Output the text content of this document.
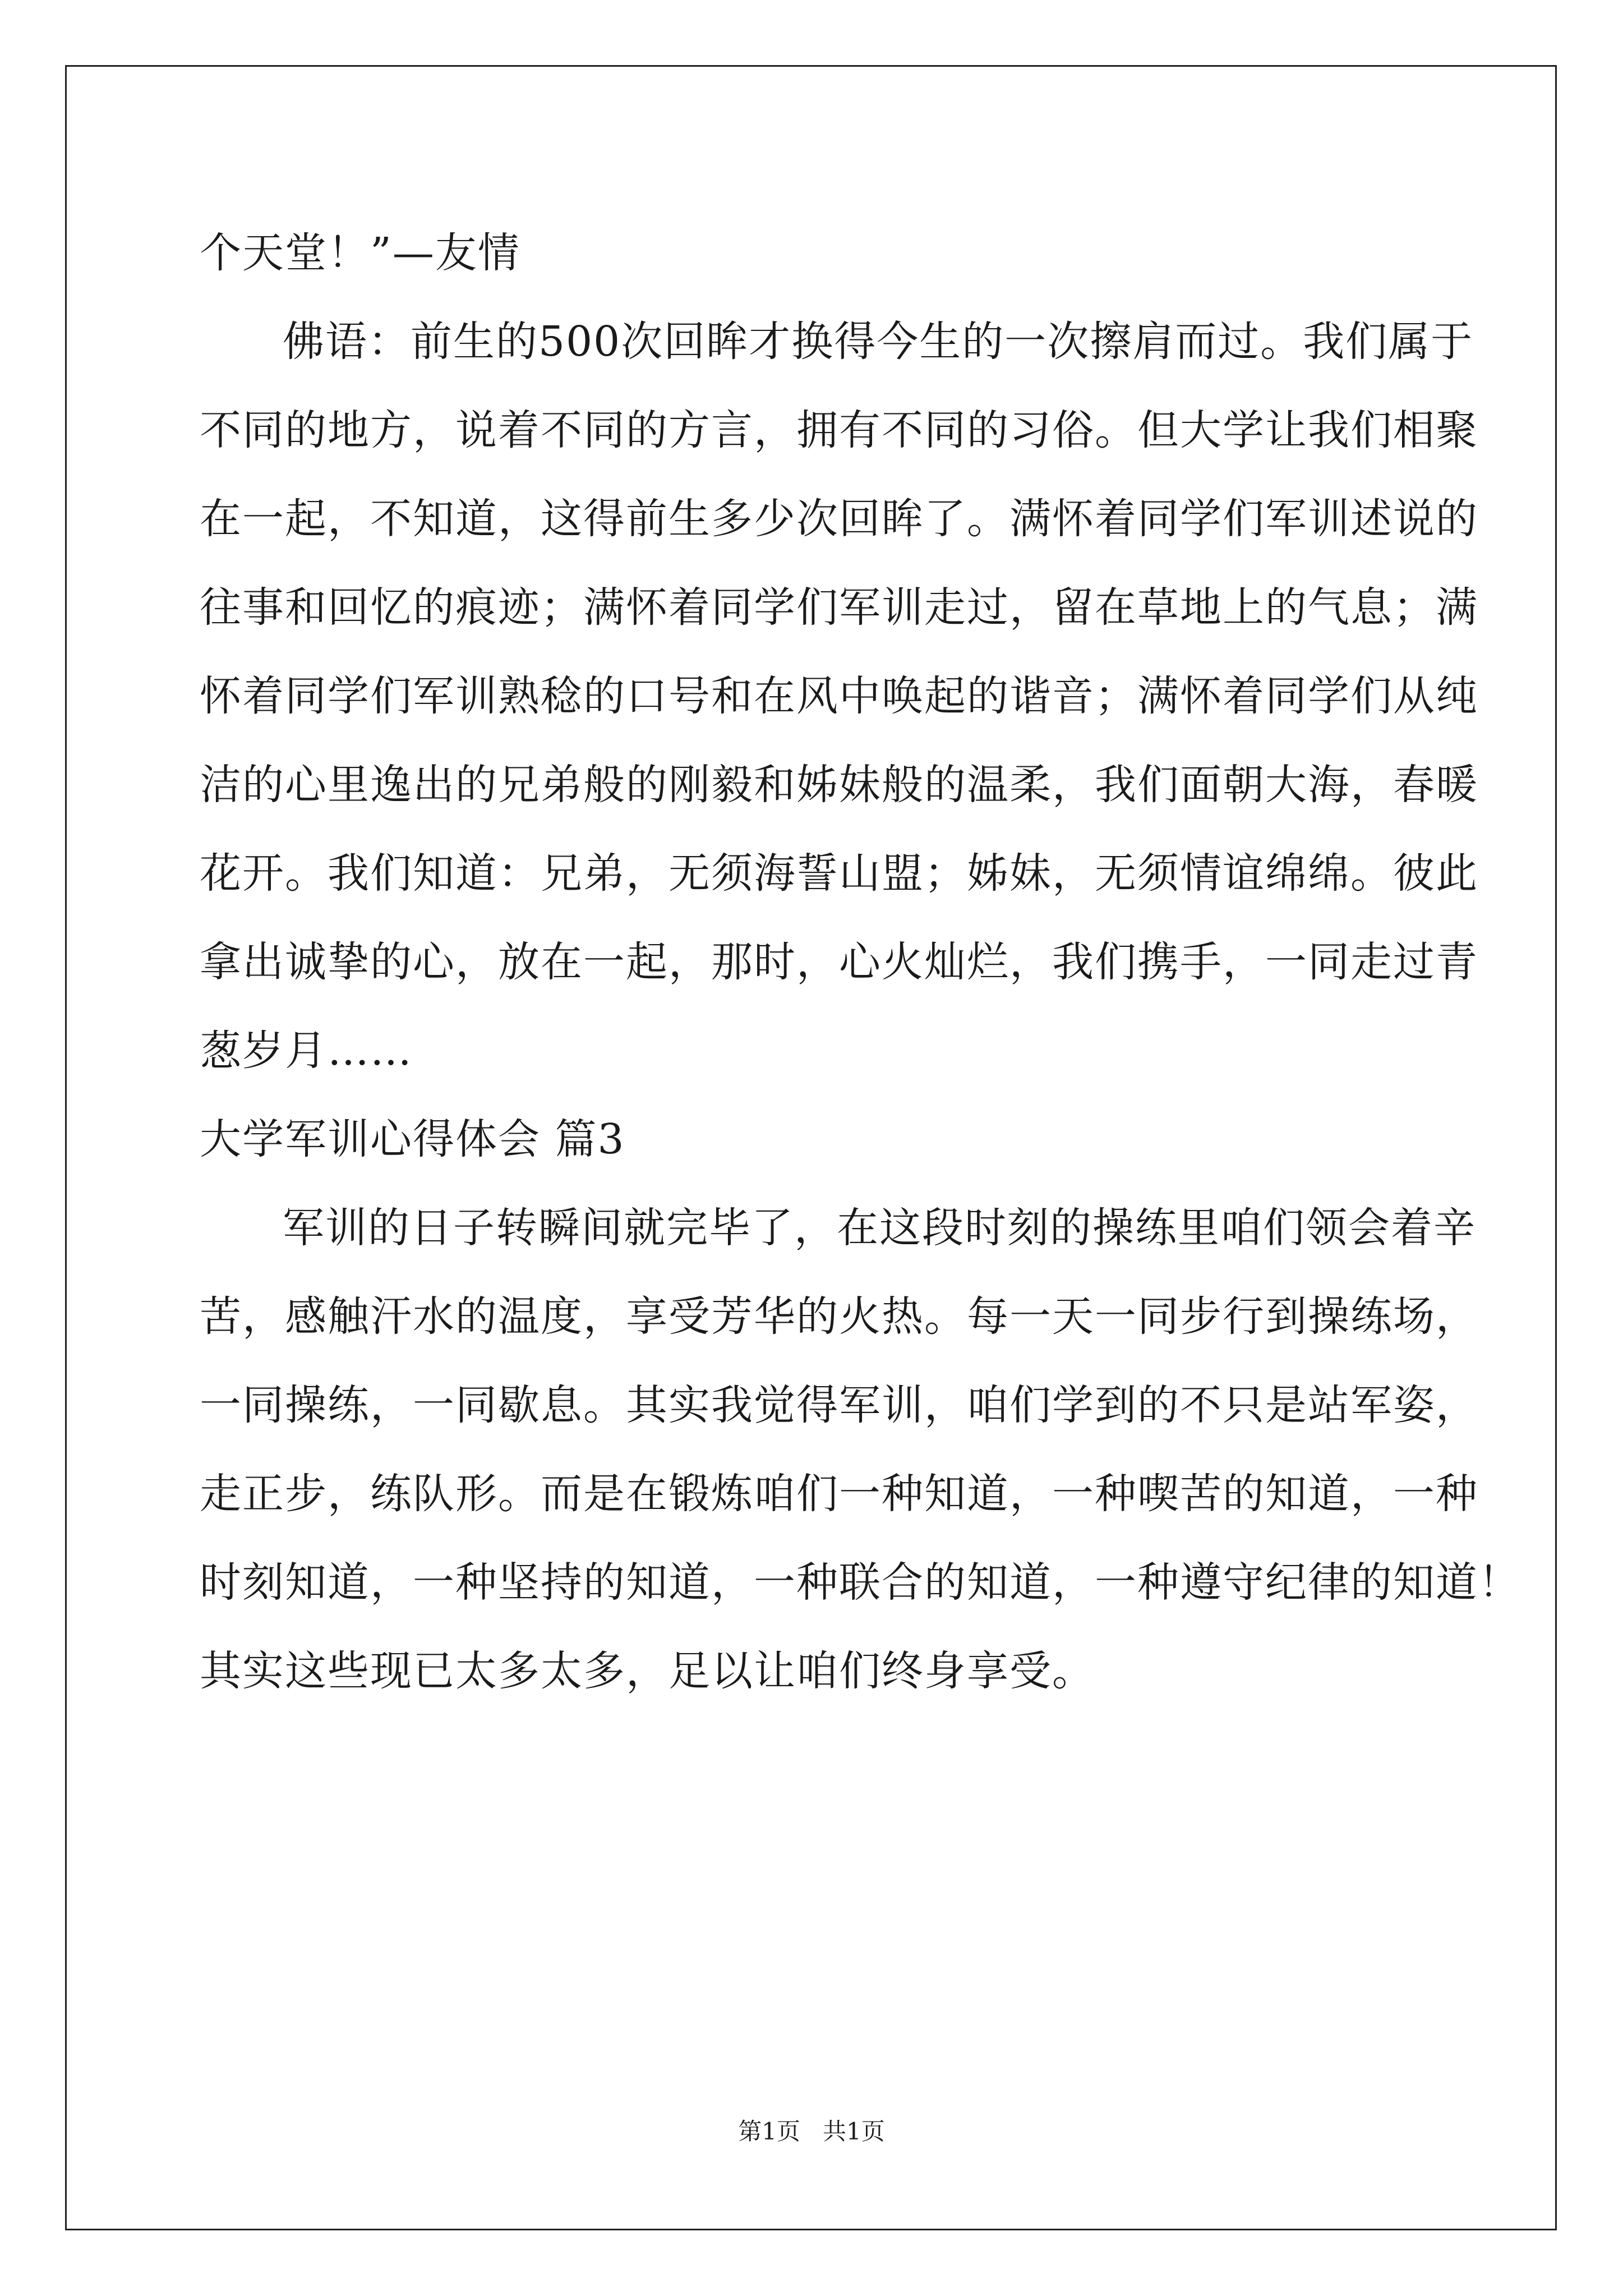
个天堂！”—友情
佛语：前生的500次回眸才换得今生的一次擦肩而过。我们属于
不同的地方，说着不同的方言，拥有不同的习俗。但大学让我们相聚
在一起，不知道，这得前生多少次回眸了。满怀着同学们军训述说的
往事和回忆的痕迹；满怀着同学们军训走过，留在草地上的气息；满
怀着同学们军训熟稔的口号和在风中唤起的谐音；满怀着同学们从纯
洁的心里逸出的兄弟般的刚毅和姊妹般的温柔，我们面朝大海，春暖
花开。我们知道：兄弟，无须海誓山盟；姊妹，无须情谊绵绵。彼此
拿出诚挚的心，放在一起，那时，心火灿烂，我们携手，一同走过青
葱岁月……
大学军训心得体会 篇3
军训的日子转瞬间就完毕了，在这段时刻的操练里咱们领会着辛
苦，感触汗水的温度，享受芳华的火热。每一天一同步行到操练场，
一同操练，一同歇息。其实我觉得军训，咱们学到的不只是站军姿，
走正步，练队形。而是在锻炼咱们一种知道，一种喫苦的知道，一种
时刻知道，一种坚持的知道，一种联合的知道，一种遵守纪律的知道！
其实这些现已太多太多，足以让咱们终身享受。
第1页 共1页
